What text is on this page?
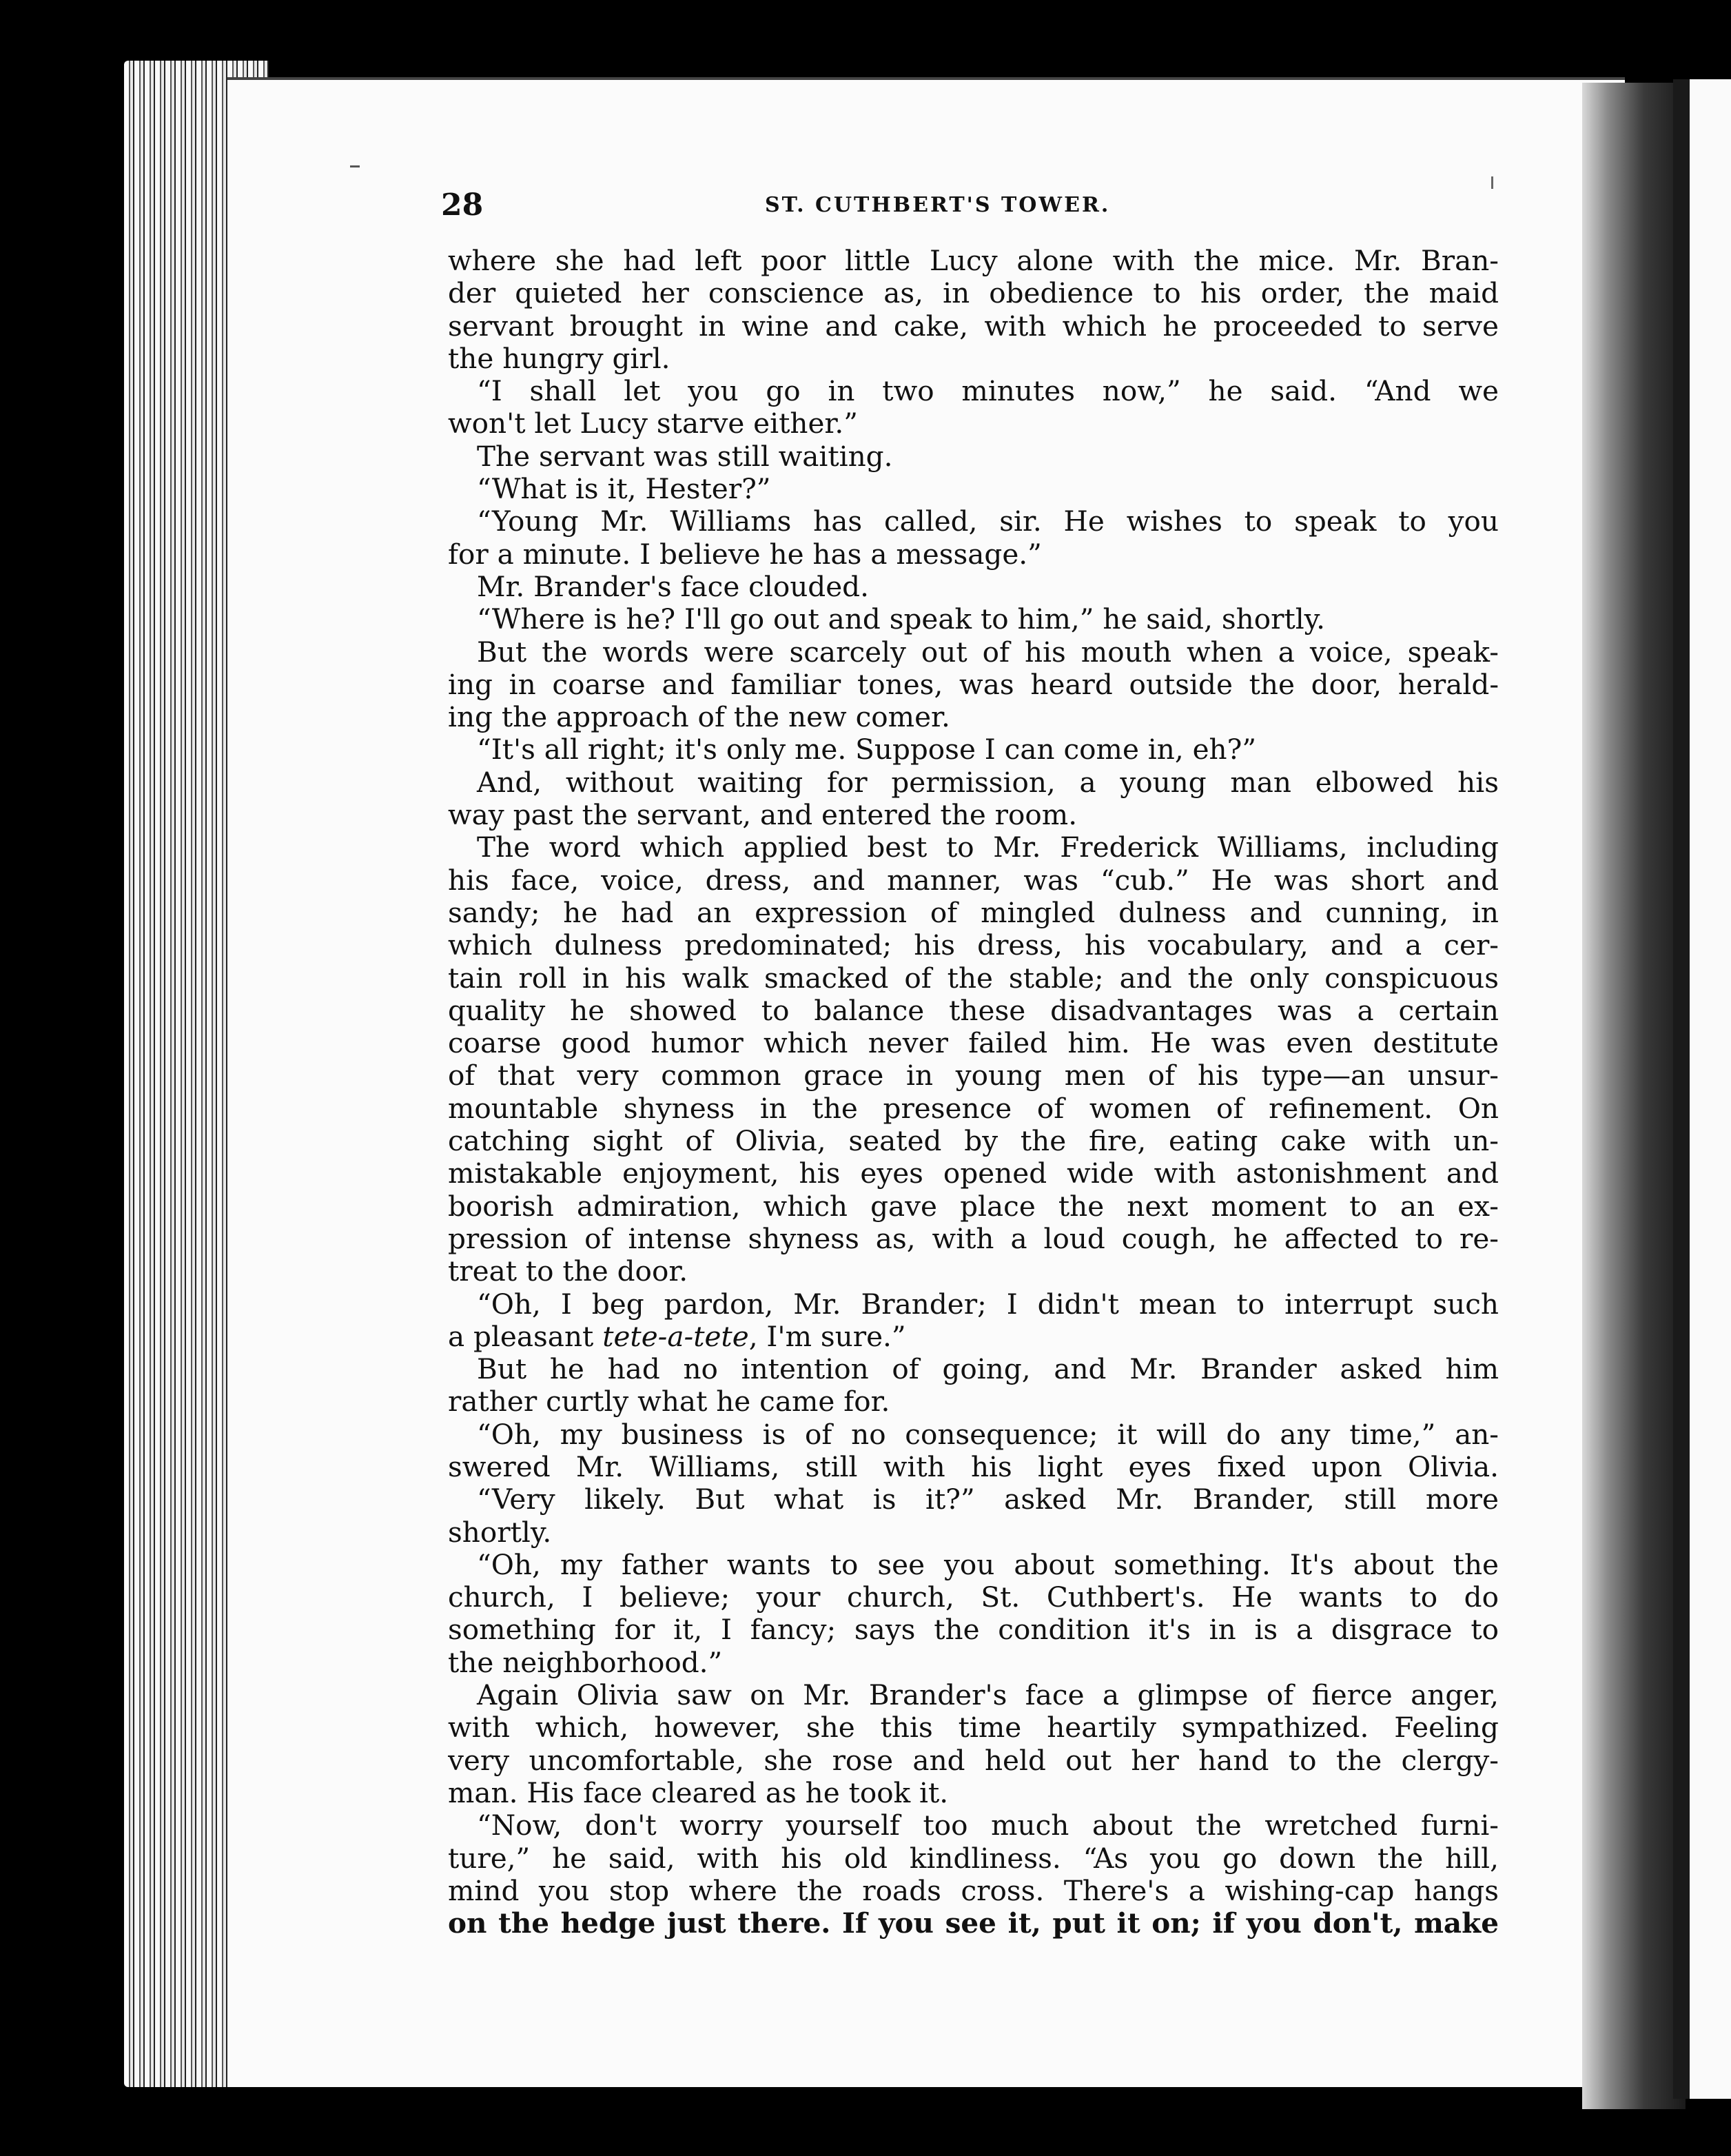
28	ST. CUTHBERT'S TOWER.
where she had left poor little Lucy alone with the mice. Mr. Bran-
der quieted her conscience as, in obedience to his order, the maid
servant brought in wine and cake, with which he proceeded to serve
the hungry girl.
“I shall let you go in two minutes now,” he said. “And we
won't let Lucy starve either.”
The servant was still waiting.
“What is it, Hester?”
“Young Mr. Williams has called, sir. He wishes to speak to you
for a minute. I believe he has a message.”
Mr. Brander's face clouded.
“Where is he? I'll go out and speak to him,” he said, shortly.
But the words were scarcely out of his mouth when a voice, speak-
ing in coarse and familiar tones, was heard outside the door, herald-
ing the approach of the new comer.
“It's all right; it's only me. Suppose I can come in, eh?”
And, without waiting for permission, a young man elbowed his
way past the servant, and entered the room.
The word which applied best to Mr. Frederick Williams, including
his face, voice, dress, and manner, was “cub.” He was short and
sandy; he had an expression of mingled dulness and cunning, in
which dulness predominated; his dress, his vocabulary, and a cer-
tain roll in his walk smacked of the stable; and the only conspicuous
quality he showed to balance these disadvantages was a certain
coarse good humor which never failed him. He was even destitute
of that very common grace in young men of his type—an unsur-
mountable shyness in the presence of women of refinement. On
catching sight of Olivia, seated by the fire, eating cake with un-
mistakable enjoyment, his eyes opened wide with astonishment and
boorish admiration, which gave place the next moment to an ex-
pression of intense shyness as, with a loud cough, he affected to re-
treat to the door.
“Oh, I beg pardon, Mr. Brander; I didn't mean to interrupt such
a pleasant tete-a-tete, I'm sure.”
But he had no intention of going, and Mr. Brander asked him
rather curtly what he came for.
“Oh, my business is of no consequence; it will do any time,” an-
swered Mr. Williams, still with his light eyes fixed upon Olivia.
“Very likely. But what is it?” asked Mr. Brander, still more
shortly.
“Oh, my father wants to see you about something. It's about the
church, I believe; your church, St. Cuthbert's. He wants to do
something for it, I fancy; says the condition it's in is a disgrace to
the neighborhood.”
Again Olivia saw on Mr. Brander's face a glimpse of fierce anger,
with which, however, she this time heartily sympathized. Feeling
very uncomfortable, she rose and held out her hand to the clergy-
man. His face cleared as he took it.
“Now, don't worry yourself too much about the wretched furni-
ture,” he said, with his old kindliness. “As you go down the hill,
mind you stop where the roads cross. There's a wishing-cap hangs
on the hedge just there. If you see it, put it on; if you don't, make
